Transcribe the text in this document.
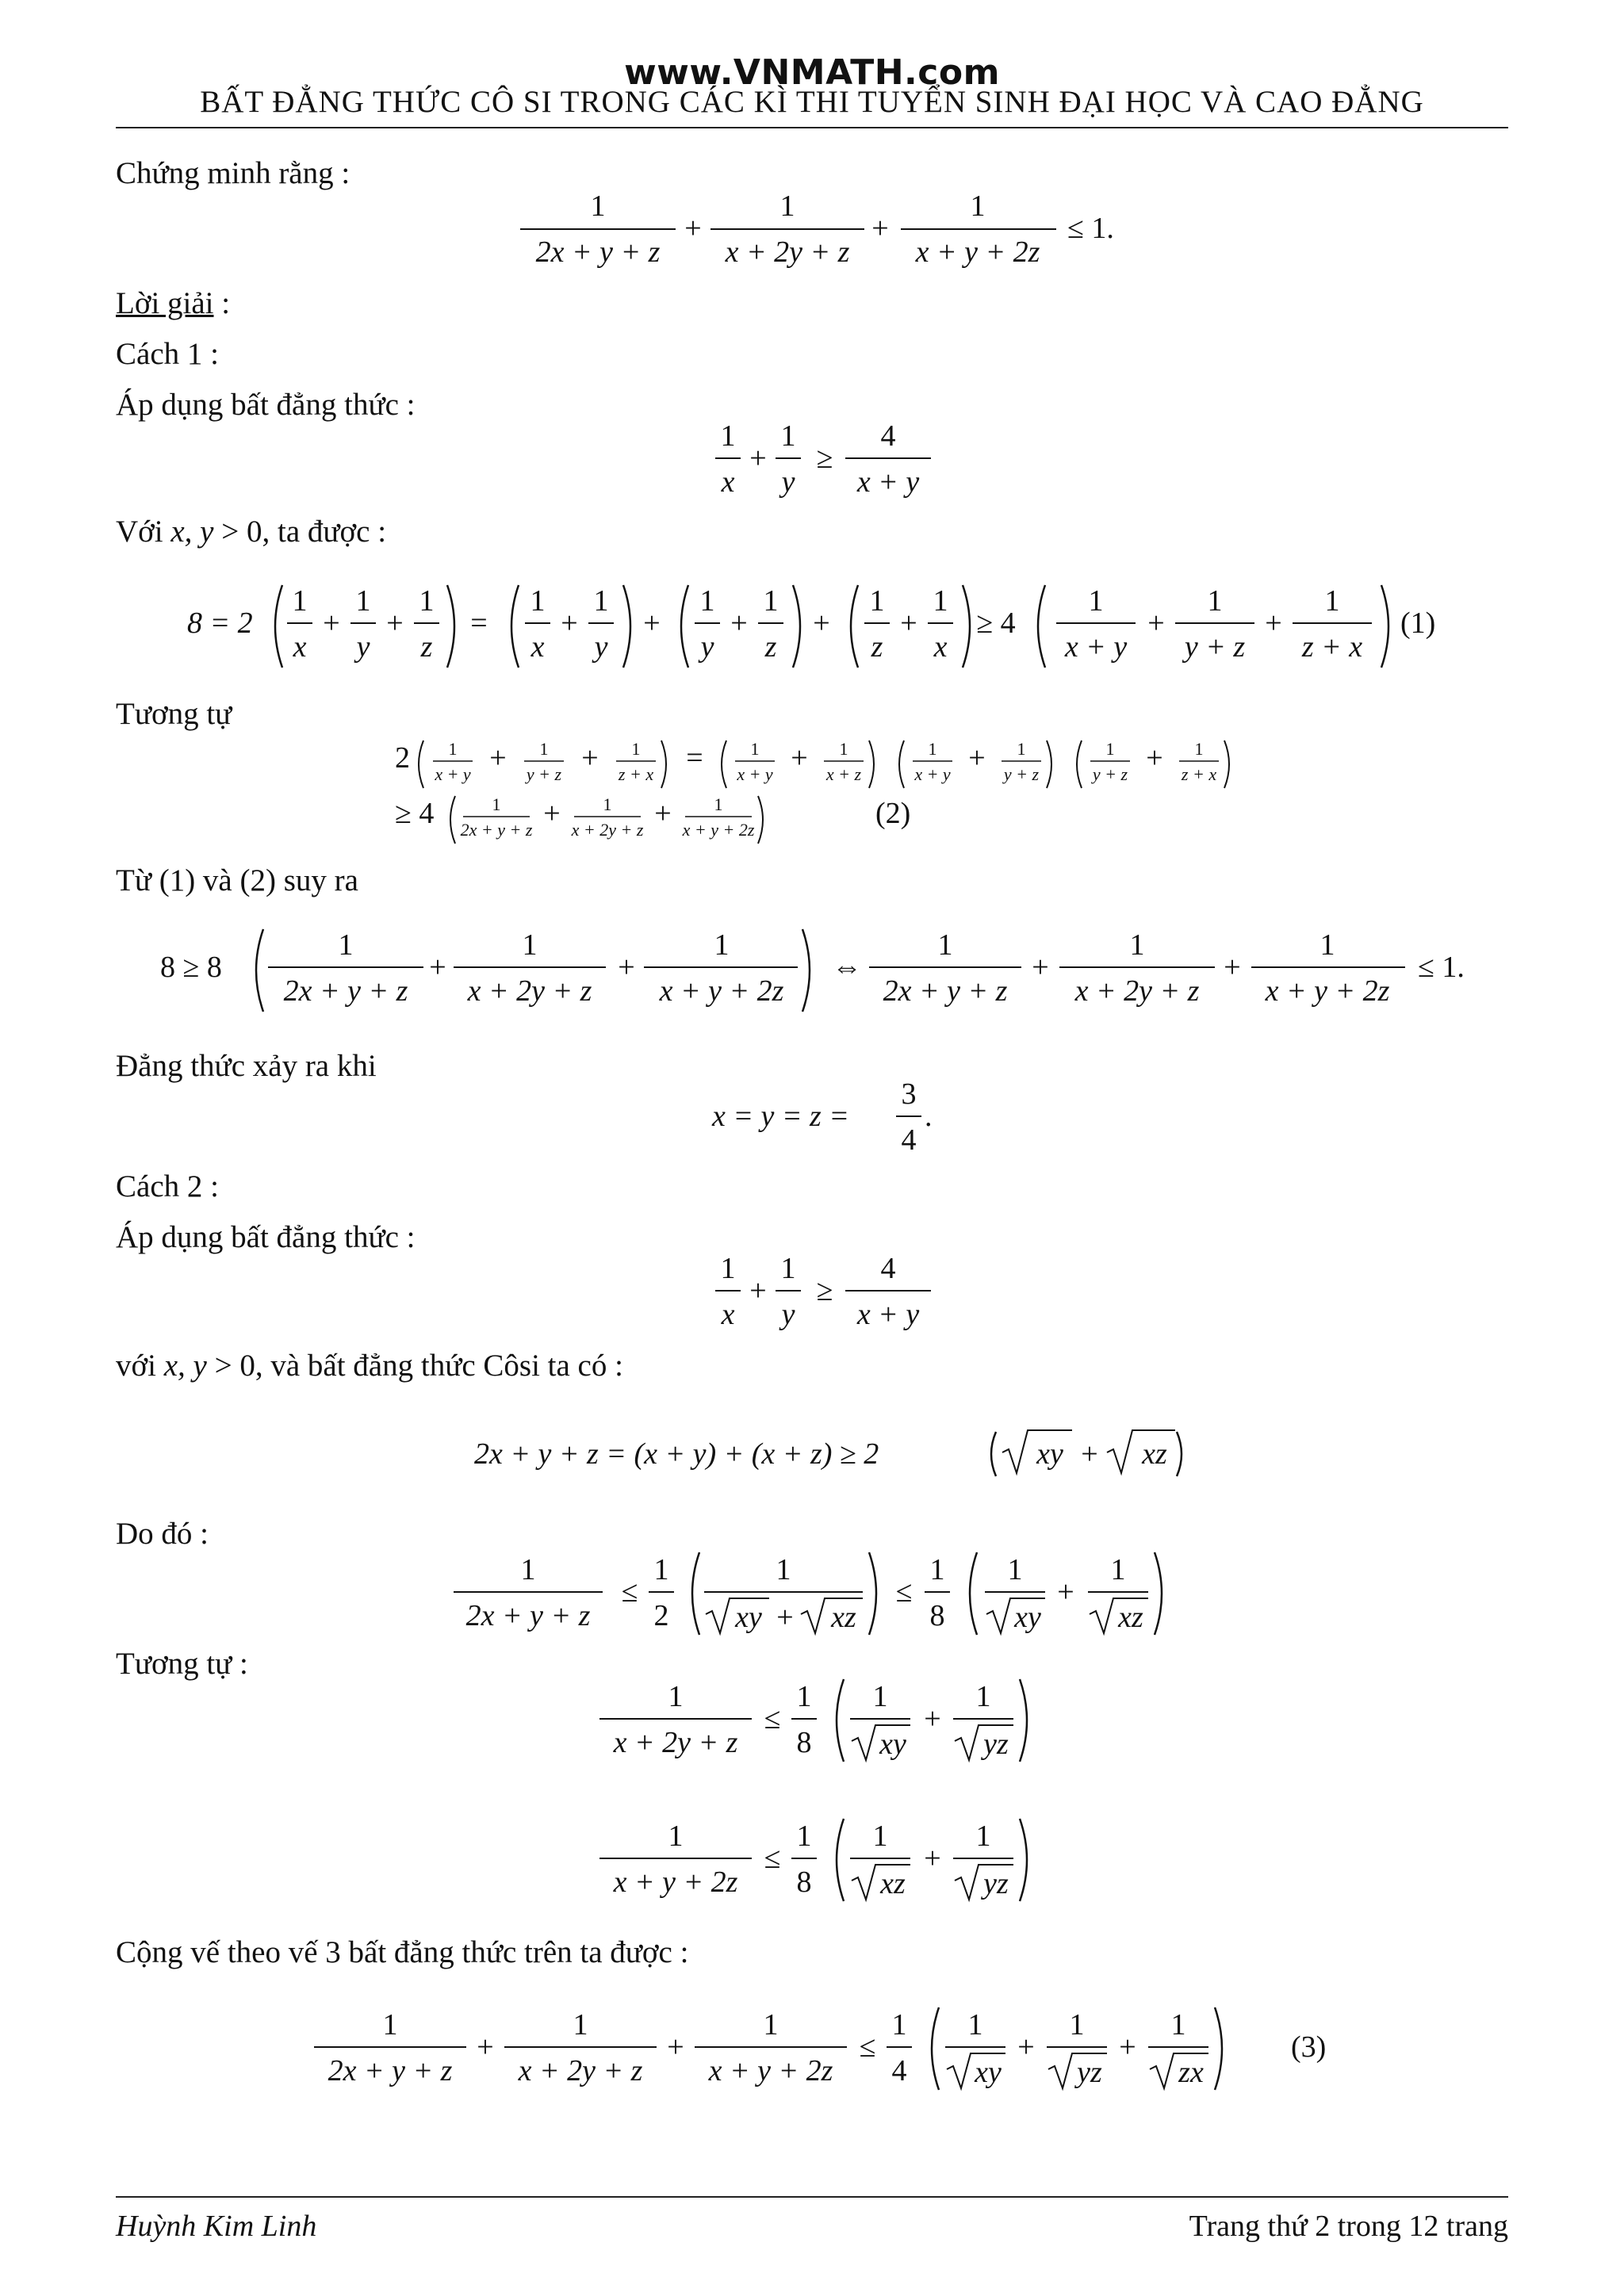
www.VNMATH.com
BẤT ĐẲNG THỨC CÔ SI TRONG CÁC KÌ THI TUYỂN SINH ĐẠI HỌC VÀ CAO ĐẲNG
Chứng minh rằng :
Lời giải :
Cách 1 :
Áp dụng bất đẳng thức :
Với x, y > 0, ta được :
Tương tự
Từ (1) và (2) suy ra
Đẳng thức xảy ra khi
Cách 2 :
Áp dụng bất đẳng thức :
với x, y > 0, và bất đẳng thức Côsi ta có :
Do đó :
Tương tự :
Cộng vế theo vế 3 bất đẳng thức trên ta được :
1
2x + y + z
+
1
x + 2y + z
+
1
x + y + 2z
≤ 1.
1
x
+
1
y
≥
4
x + y
8 = 2
1
x
+
1
y
+
1
z
=
1
x
+
1
y
+
1
y
+
1
z
+
1
z
+
1
x
≥ 4
1
x + y
+
1
y + z
+
1
z + x
(1)
2 1
x + y + 1
y + z + 1
z + x =	1
x + y + 1
x + z
1
x + y + 1
y + z
1
y + z + 1
z + x
≥ 4	1
2x + y + z + 1
x + 2y + z + 1
x + y + 2z	(2)
8 ≥ 8
1
2x + y + z
+
1
x + 2y + z
+
1
x + y + 2z
⇔
1
2x + y + z
+
1
x + 2y + z
+
1
x + y + 2z
≤ 1.
x = y = z =
3
4
.
1
x
+
1
y
≥
4
x + y
2x + y + z = (x + y) + (x + z) ≥ 2	xy + xz
1
2x + y + z
≤
1
2
1
xy + xz
≤
1
8
1
xy
+
1
xz
1
x + 2y + z
≤
1
8
1
xy
+
1
yz
1
x + y + 2z
≤
1
8
1
xz
+
1
yz
1
2x + y + z
+
1
x + 2y + z
+
1
x + y + 2z
≤
1
4
1
xy
+
1
yz
+
1
zx
(3)
Huỳnh Kim Linh	Trang thứ 2 trong 12 trang
